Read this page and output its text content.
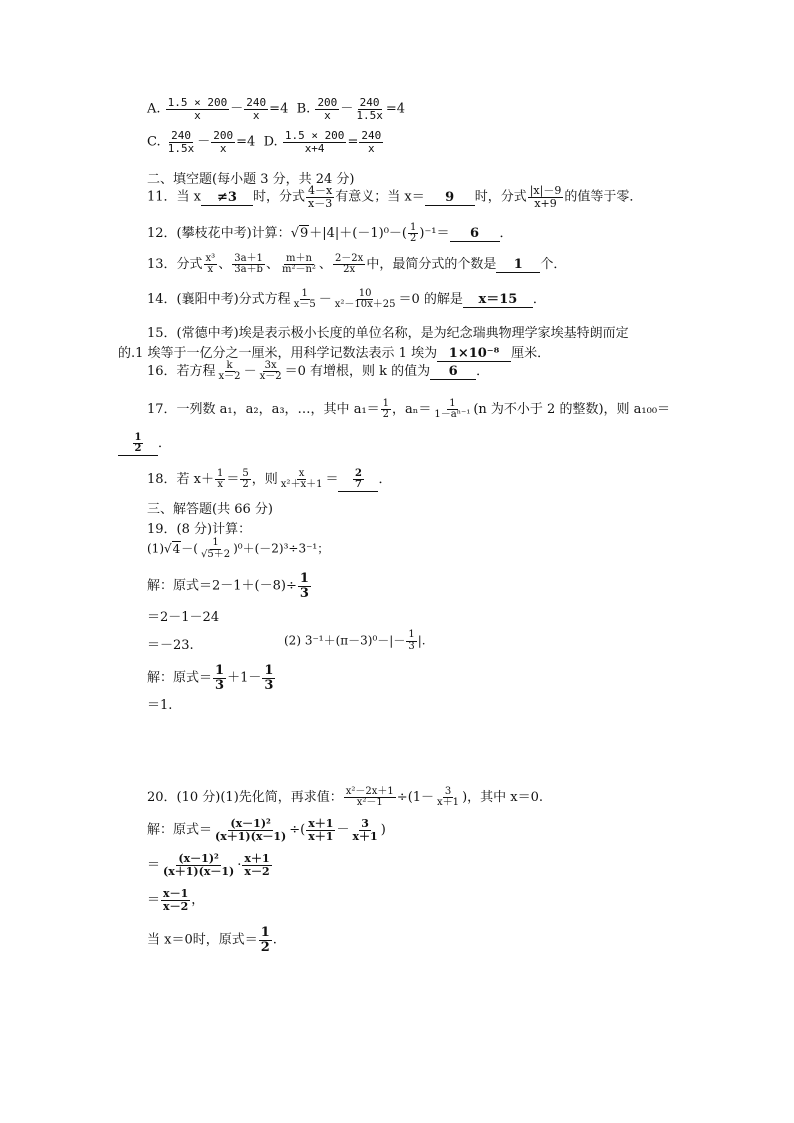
A. $\frac{1.5 \times 200}{x} - \frac{240}{x} =4$ B. $\frac{200}{x} - \frac{240}{1.5x} =4$
C. $\frac{240}{1.5x} - \frac{200}{x} =4$ D. $\frac{1.5 \times 200}{x+4} = \frac{240}{x}$
二、填空题(每小题 3 分，共 24 分)
11．当 x ≠3 时，分式 $\frac{4-x}{x-3}$ 有意义；当 x＝ 9 时，分式 $\frac{|x|-9}{x+9}$ 的值等于零．
12．(攀枝花中考)计算：$√9+|4|+(-1)^0-( \frac{1}{2} )^{-1}= 6$ ．
13．分式 $\frac{\text{x³}}{x}$ 、 $\frac{3a+1}{3a+b}$ 、 $\frac{m+n}{\text{m²－n²}}$ 、 $\frac{2-2x}{2x}$ 中，最简分式的个数是 1 个．
14．(襄阳中考)分式方程 $\frac{1}{x-5} - \frac{10}{\text{x²－10x＋25}} =0$ 的解是 x＝15 ．
15．(常德中考)埃是表示极小长度的单位名称，是为纪念瑞典物理学家埃基特朗而定
的.1 埃等于一亿分之一厘米，用科学记数法表示 1 埃为 1×10⁻⁸ 厘米．
16．若方程 $\frac{k}{x-2} - \frac{3x}{x-2} =0$ 有增根，则 k 的值为 6 ．
17．一列数 a₁，a₂，a₃，…，其中 $a_1= \frac{1}{2}$ ，$a_n= \frac{1}{\text{1－aⁿ⁻¹}} (n$ 为不小于 2 的整数)，则 a₁₀₀＝
$\frac{1}{2}$ ．
18．若 $x+ \frac{1}{x} = \frac{5}{2}$ ，则 $\frac{x}{\text{x²＋x＋1}} = \frac{2}{7}$ ．
三、解答题(共 66 分)
19．(8 分)计算：
$(1)√4-( \frac{1}{√5+2} )^0+(-2)^3\div 3^{-1}$；
解：原式$=2-1+(-8)\div \frac{1}{3}$
＝2－1－24
＝－23.	(2) $3^{-1}+(\pi-3)^0-|- \frac{1}{3}$ |.
解：原式＝ $\frac{1}{3} +1- \frac{1}{3}$
＝1.
20．(10 分)(1)先化简，再求值： $\frac{\text{x²－2x＋1}}{\text{x²－1}} \div(1- \frac{3}{x+1}$ )，其中 x＝0.
解：原式＝ $\frac{\text{(x－1)²}}{(x+1)(x-1)}$ ÷( $\frac{x+1}{x+1} - \frac{3}{x+1}$ )
＝ $\frac{\text{(x－1)²}}{(x+1)(x-1)} \cdot \frac{x+1}{x-2}$
＝ $\frac{x-1}{x-2}$ ，
当 x＝0时，原式＝ $\frac{1}{2}$ .
